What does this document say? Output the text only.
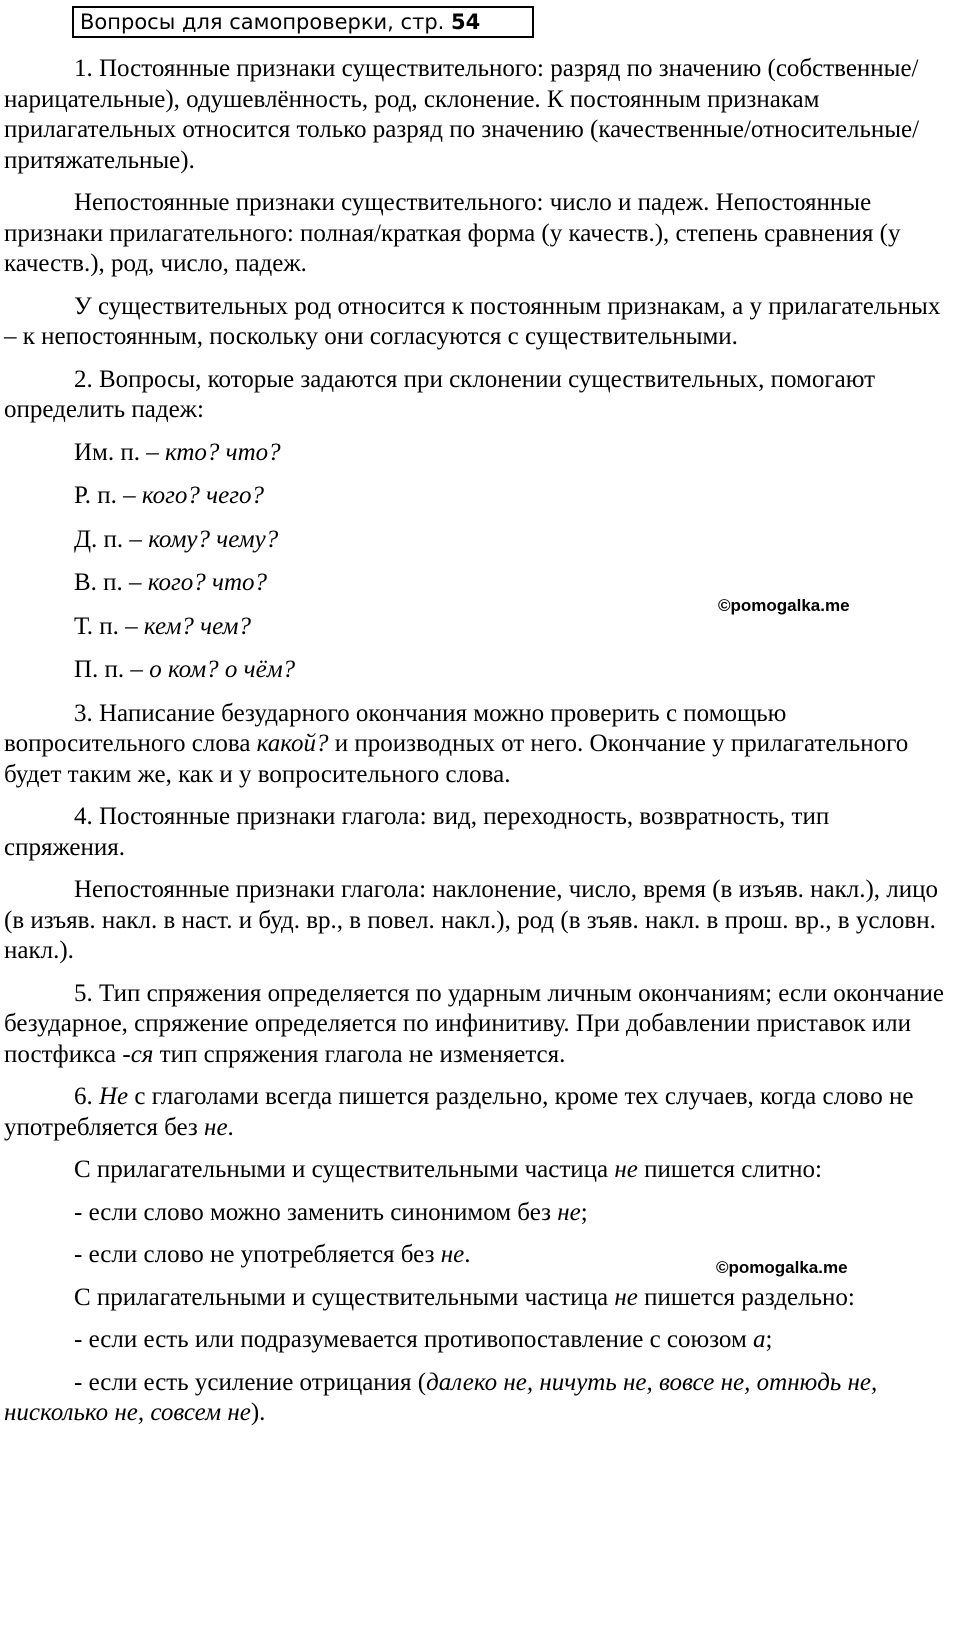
Вопросы для самопроверки, стр. 54

1. Постоянные признаки существительного: разряд по значению (собственные/нарицательные), одушевлённость, род, склонение. К постоянным признакам прилагательных относится только разряд по значению (качественные/относительные/притяжательные).

Непостоянные признаки существительного: число и падеж. Непостоянные признаки прилагательного: полная/краткая форма (у качеств.), степень сравнения (у качеств.), род, число, падеж.

У существительных род относится к постоянным признакам, а у прилагательных – к непостоянным, поскольку они согласуются с существительными.

2. Вопросы, которые задаются при склонении существительных, помогают определить падеж:

Им. п. – кто? что?
Р. п. – кого? чего?
Д. п. – кому? чему?
В. п. – кого? что?
Т. п. – кем? чем?
П. п. – о ком? о чём?

3. Написание безударного окончания можно проверить с помощью вопросительного слова какой? и производных от него. Окончание у прилагательного будет таким же, как и у вопросительного слова.

4. Постоянные признаки глагола: вид, переходность, возвратность, тип спряжения.

Непостоянные признаки глагола: наклонение, число, время (в изъяв. накл.), лицо (в изъяв. накл. в наст. и буд. вр., в повел. накл.), род (в зъяв. накл. в прош. вр., в условн. накл.).

5. Тип спряжения определяется по ударным личным окончаниям; если окончание безударное, спряжение определяется по инфинитиву. При добавлении приставок или постфикса -ся тип спряжения глагола не изменяется.

6. Не с глаголами всегда пишется раздельно, кроме тех случаев, когда слово не употребляется без не.

С прилагательными и существительными частица не пишется слитно:

- если слово можно заменить синонимом без не;

- если слово не употребляется без не.

С прилагательными и существительными частица не пишется раздельно:

- если есть или подразумевается противопоставление с союзом а;

- если есть усиление отрицания (далеко не, ничуть не, вовсе не, отнюдь не, нисколько не, совсем не).

©pomogalka.me
©pomogalka.me
